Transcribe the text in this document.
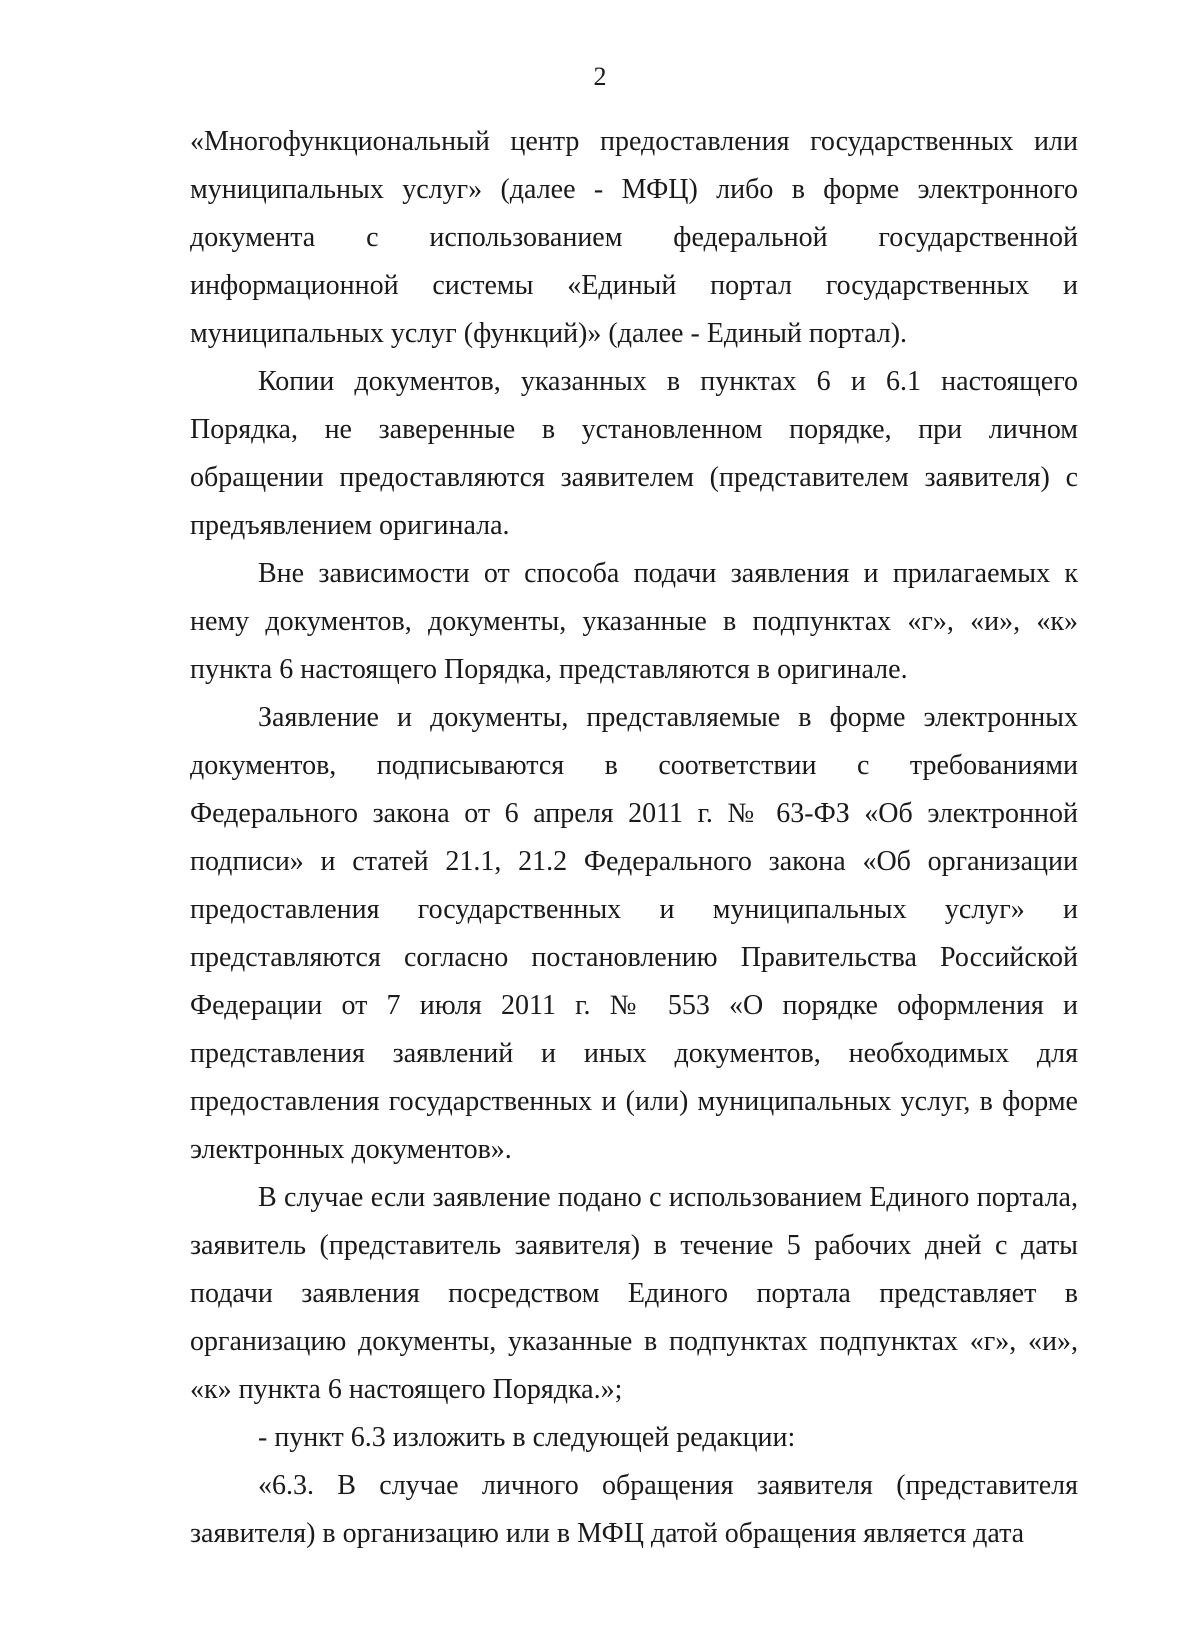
2

«Многофункциональный центр предоставления государственных или муниципальных услуг» (далее - МФЦ) либо в форме электронного документа с использованием федеральной государственной информационной системы «Единый портал государственных и муниципальных услуг (функций)» (далее - Единый портал).

Копии документов, указанных в пунктах 6 и 6.1 настоящего Порядка, не заверенные в установленном порядке, при личном обращении предоставляются заявителем (представителем заявителя) с предъявлением оригинала.

Вне зависимости от способа подачи заявления и прилагаемых к нему документов, документы, указанные в подпунктах «г», «и», «к» пункта 6 настоящего Порядка, представляются в оригинале.

Заявление и документы, представляемые в форме электронных документов, подписываются в соответствии с требованиями Федерального закона от 6 апреля 2011 г. № 63-ФЗ «Об электронной подписи» и статей 21.1, 21.2 Федерального закона «Об организации предоставления государственных и муниципальных услуг» и представляются согласно постановлению Правительства Российской Федерации от 7 июля 2011 г. № 553 «О порядке оформления и представления заявлений и иных документов, необходимых для предоставления государственных и (или) муниципальных услуг, в форме электронных документов».

В случае если заявление подано с использованием Единого портала, заявитель (представитель заявителя) в течение 5 рабочих дней с даты подачи заявления посредством Единого портала представляет в организацию документы, указанные в подпунктах подпунктах «г», «и», «к» пункта 6 настоящего Порядка.»;

- пункт 6.3 изложить в следующей редакции:

«6.3. В случае личного обращения заявителя (представителя заявителя) в организацию или в МФЦ датой обращения является дата
